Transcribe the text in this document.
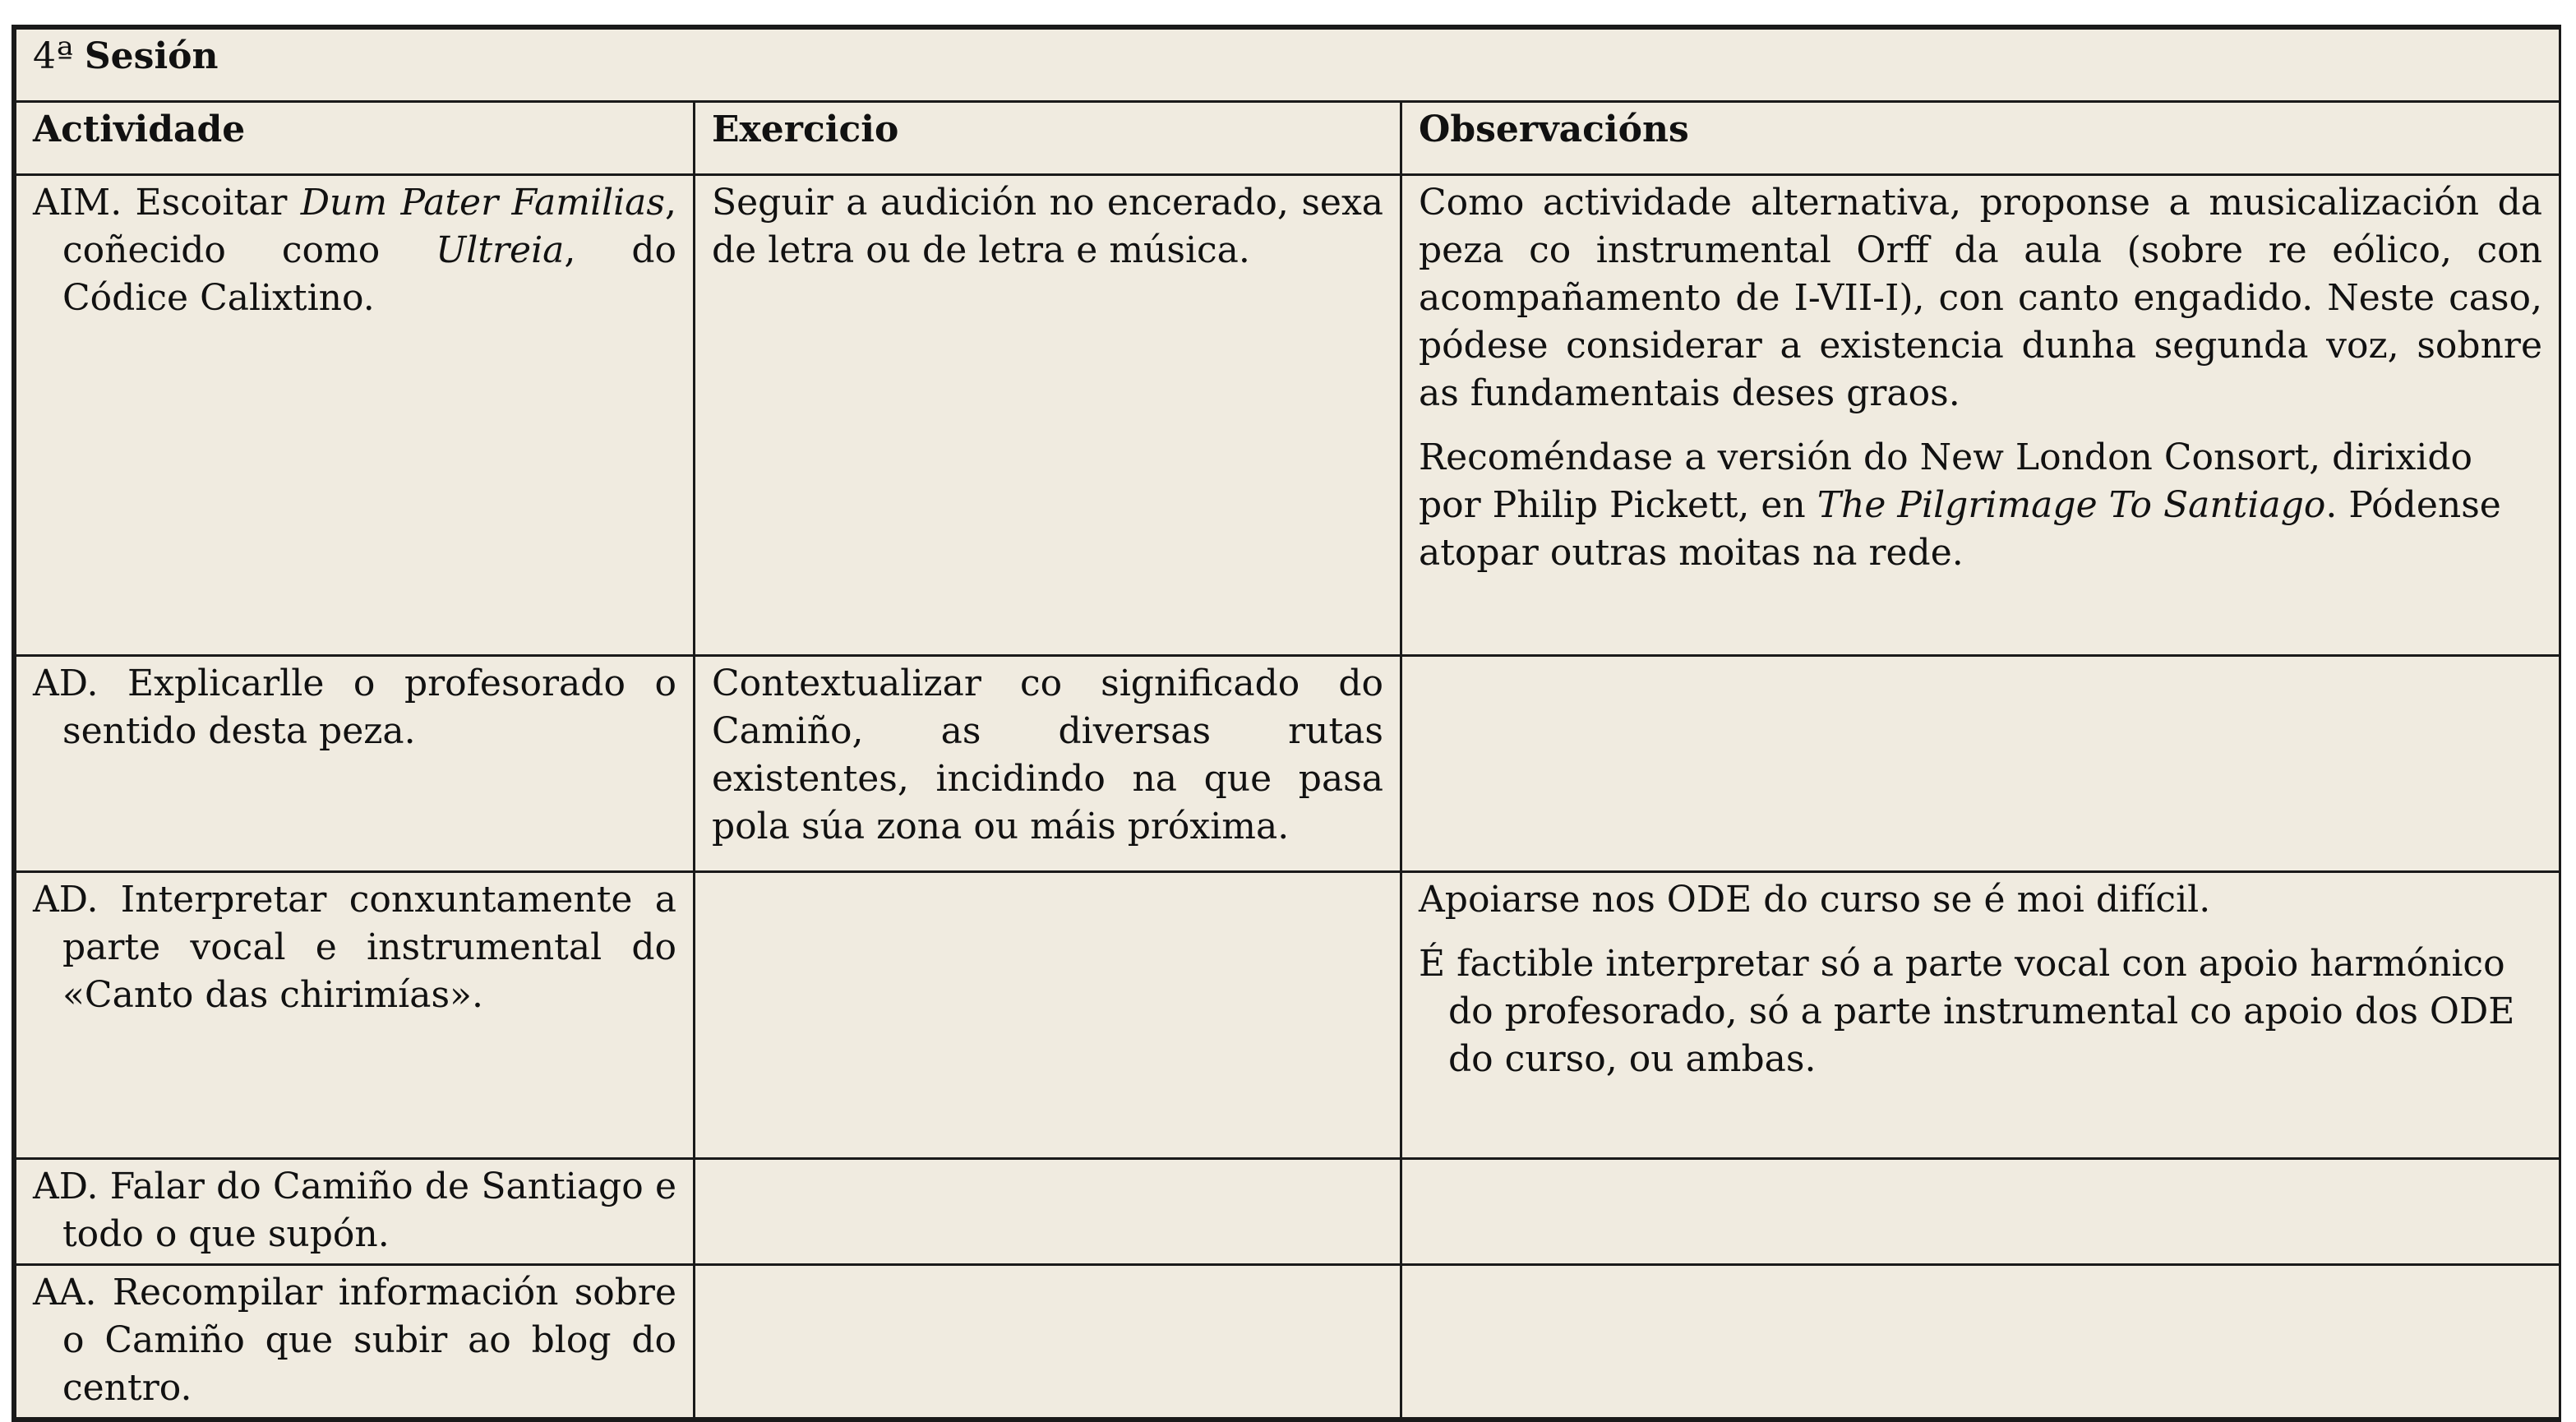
4ª Sesión		
Actividade	Exercicio	Observacións

AIM. Escoitar Dum Pater Familias, coñecido como Ultreia, do Códice Calixtino.	Seguir a audición no encerado, sexa de letra ou de letra e música.	Como actividade alternativa, proponse a musicalización da peza co instrumental Orff da aula (sobre re eólico, con acompañamento de I-VII-I), con canto engadido. Neste caso, pódese considerar a existencia dunha segunda voz, sobnre as fundamentais deses graos.

Recoméndase a versión do New London Consort, dirixido por Philip Pickett, en The Pilgrimage To Santiago. Pódense atopar outras moitas na rede.

AD. Explicarlle o profesorado o sentido desta peza.	Contextualizar co significado do Camiño, as diversas rutas existentes, incidindo na que pasa pola súa zona ou máis próxima.	

AD. Interpretar conxuntamente a parte vocal e instrumental do «Canto das chirimías».		Apoiarse nos ODE do curso se é moi difícil.

É factible interpretar só a parte vocal con apoio harmónico do profesorado, só a parte instrumental co apoio dos ODE do curso, ou ambas.

AD. Falar do Camiño de Santiago e todo o que supón.		

AA. Recompilar información sobre o Camiño que subir ao blog do centro.		
